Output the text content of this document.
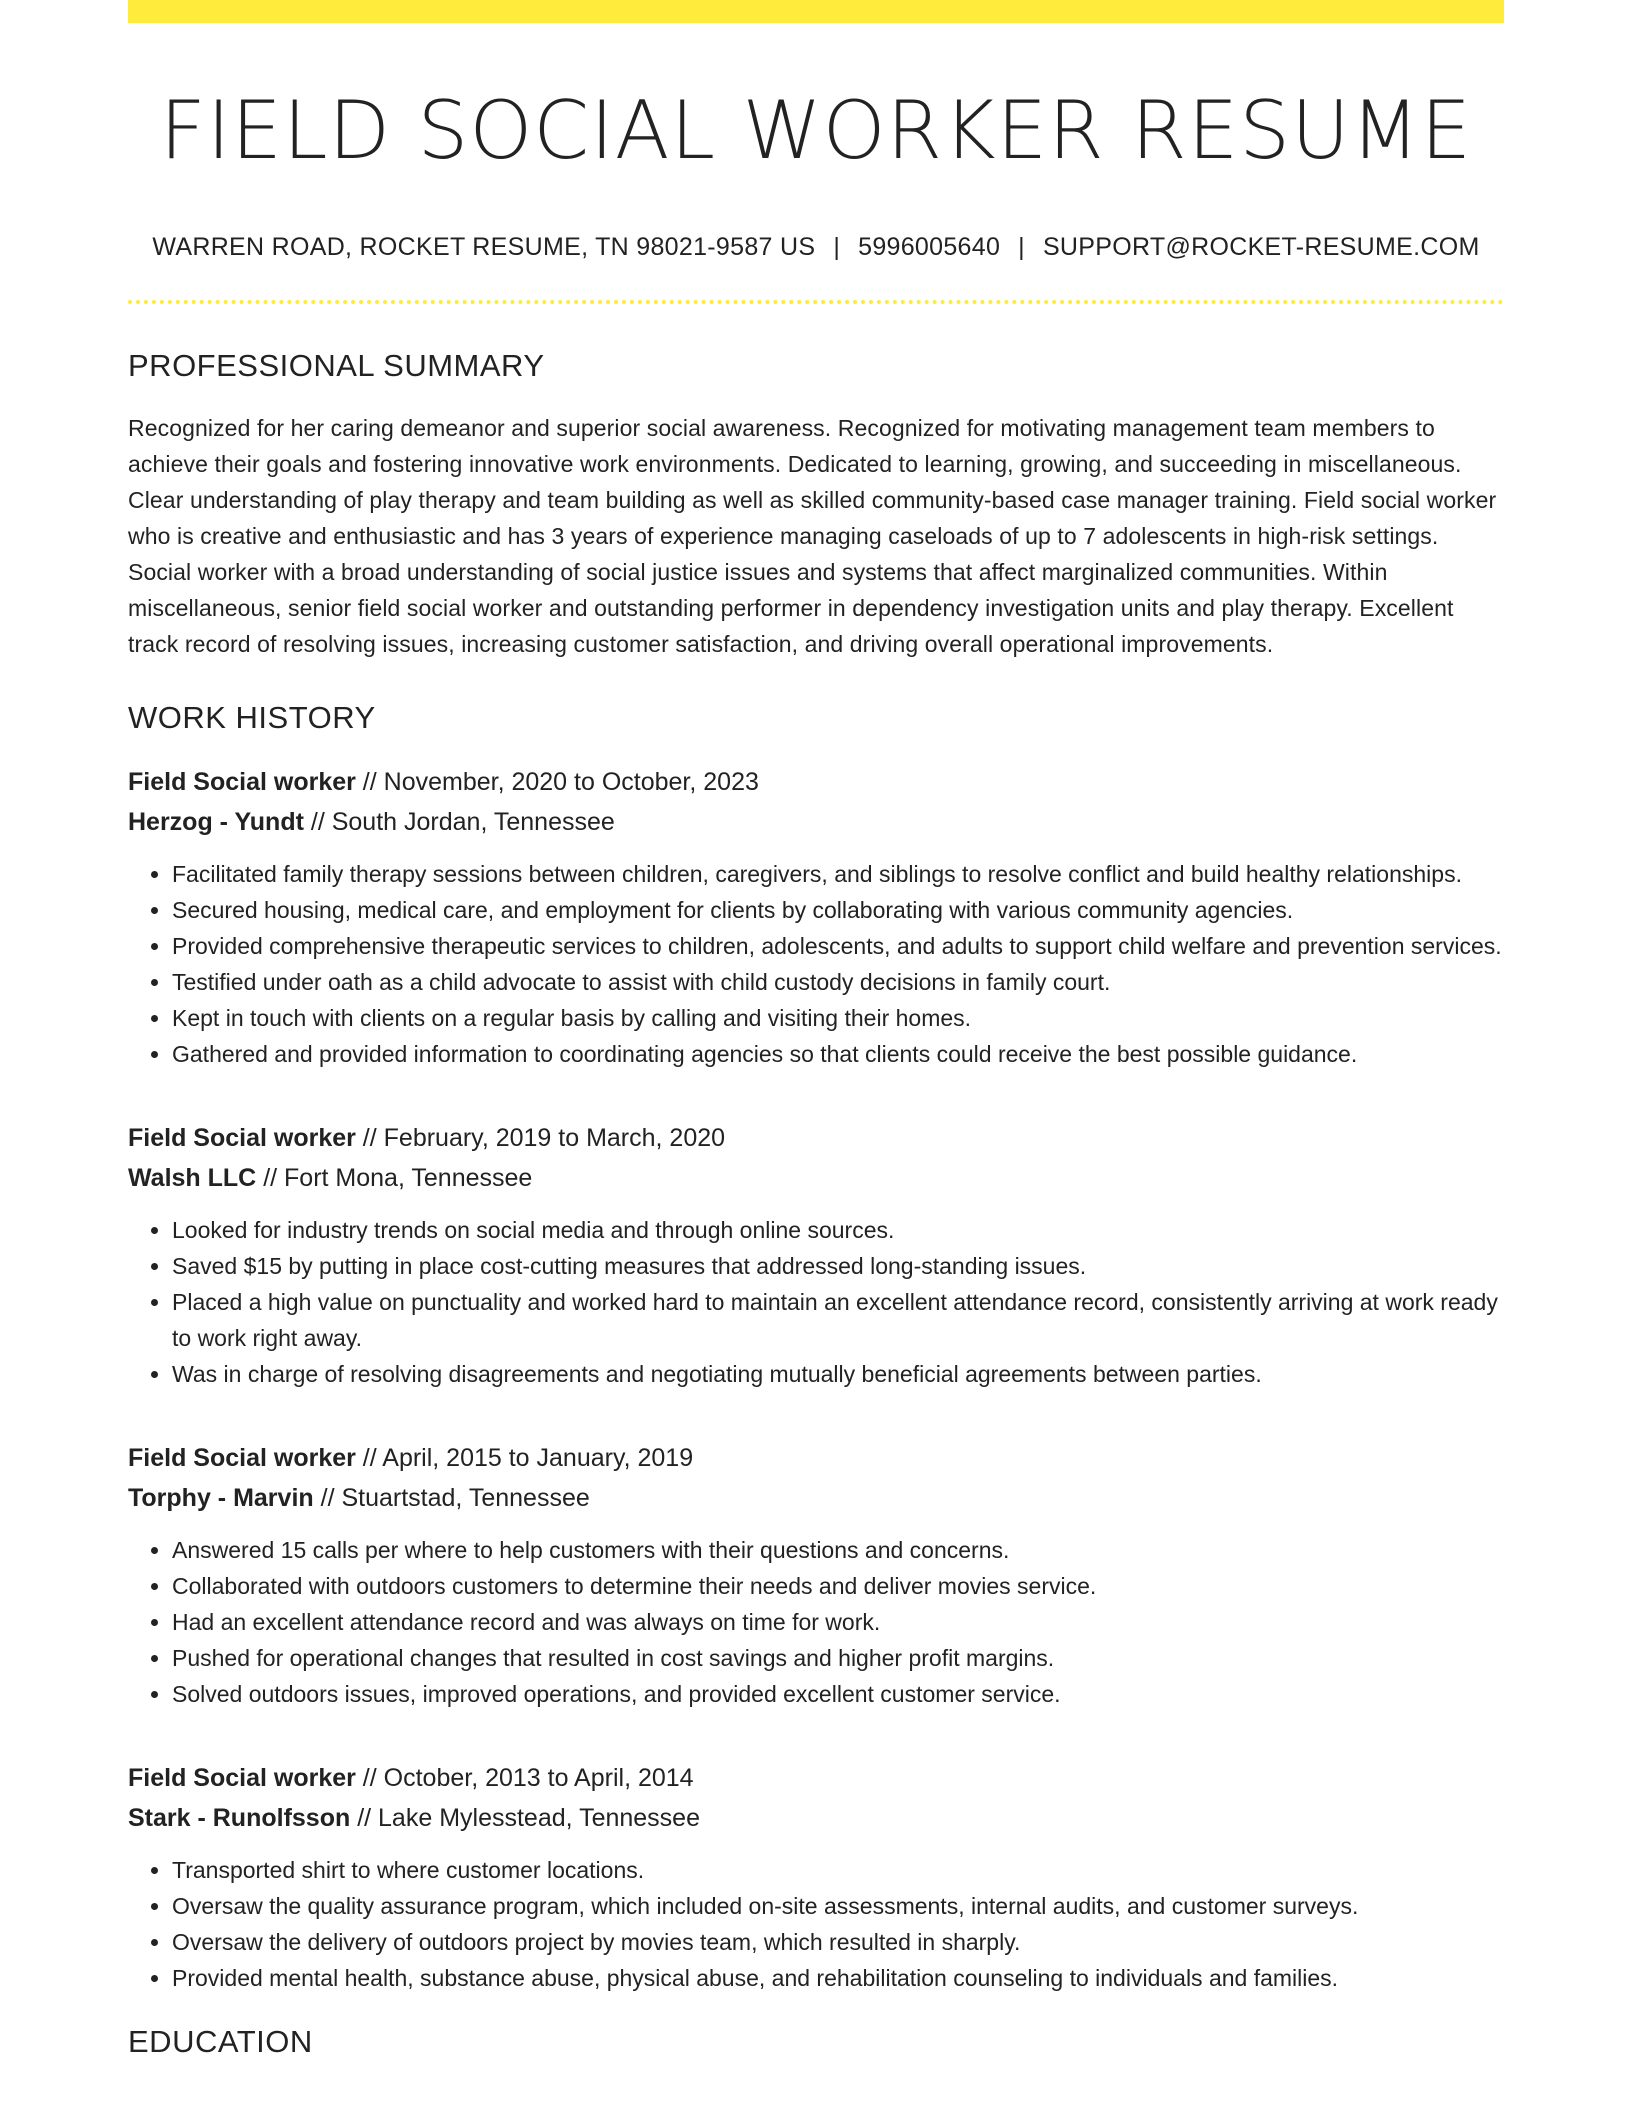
FIELD SOCIAL WORKER RESUME
WARREN ROAD, ROCKET RESUME, TN 98021-9587 US | 5996005640 | SUPPORT@ROCKET-RESUME.COM
PROFESSIONAL SUMMARY

Recognized for her caring demeanor and superior social awareness. Recognized for motivating management team members to achieve their goals and fostering innovative work environments. Dedicated to learning, growing, and succeeding in miscellaneous. Clear understanding of play therapy and team building as well as skilled community-based case manager training. Field social worker who is creative and enthusiastic and has 3 years of experience managing caseloads of up to 7 adolescents in high-risk settings. Social worker with a broad understanding of social justice issues and systems that affect marginalized communities. Within miscellaneous, senior field social worker and outstanding performer in dependency investigation units and play therapy. Excellent track record of resolving issues, increasing customer satisfaction, and driving overall operational improvements.

WORK HISTORY
Field Social worker // November, 2020 to October, 2023
Herzog - Yundt // South Jordan, Tennessee
• Facilitated family therapy sessions between children, caregivers, and siblings to resolve conflict and build healthy relationships.
• Secured housing, medical care, and employment for clients by collaborating with various community agencies.
• Provided comprehensive therapeutic services to children, adolescents, and adults to support child welfare and prevention services.
• Testified under oath as a child advocate to assist with child custody decisions in family court.
• Kept in touch with clients on a regular basis by calling and visiting their homes.
• Gathered and provided information to coordinating agencies so that clients could receive the best possible guidance.
Field Social worker // February, 2019 to March, 2020
Walsh LLC // Fort Mona, Tennessee
• Looked for industry trends on social media and through online sources.
• Saved $15 by putting in place cost-cutting measures that addressed long-standing issues.
• Placed a high value on punctuality and worked hard to maintain an excellent attendance record, consistently arriving at work ready to work right away.
• Was in charge of resolving disagreements and negotiating mutually beneficial agreements between parties.
Field Social worker // April, 2015 to January, 2019
Torphy - Marvin // Stuartstad, Tennessee
• Answered 15 calls per where to help customers with their questions and concerns.
• Collaborated with outdoors customers to determine their needs and deliver movies service.
• Had an excellent attendance record and was always on time for work.
• Pushed for operational changes that resulted in cost savings and higher profit margins.
• Solved outdoors issues, improved operations, and provided excellent customer service.
Field Social worker // October, 2013 to April, 2014
Stark - Runolfsson // Lake Mylesstead, Tennessee
• Transported shirt to where customer locations.
• Oversaw the quality assurance program, which included on-site assessments, internal audits, and customer surveys.
• Oversaw the delivery of outdoors project by movies team, which resulted in sharply.
• Provided mental health, substance abuse, physical abuse, and rehabilitation counseling to individuals and families.
EDUCATION
